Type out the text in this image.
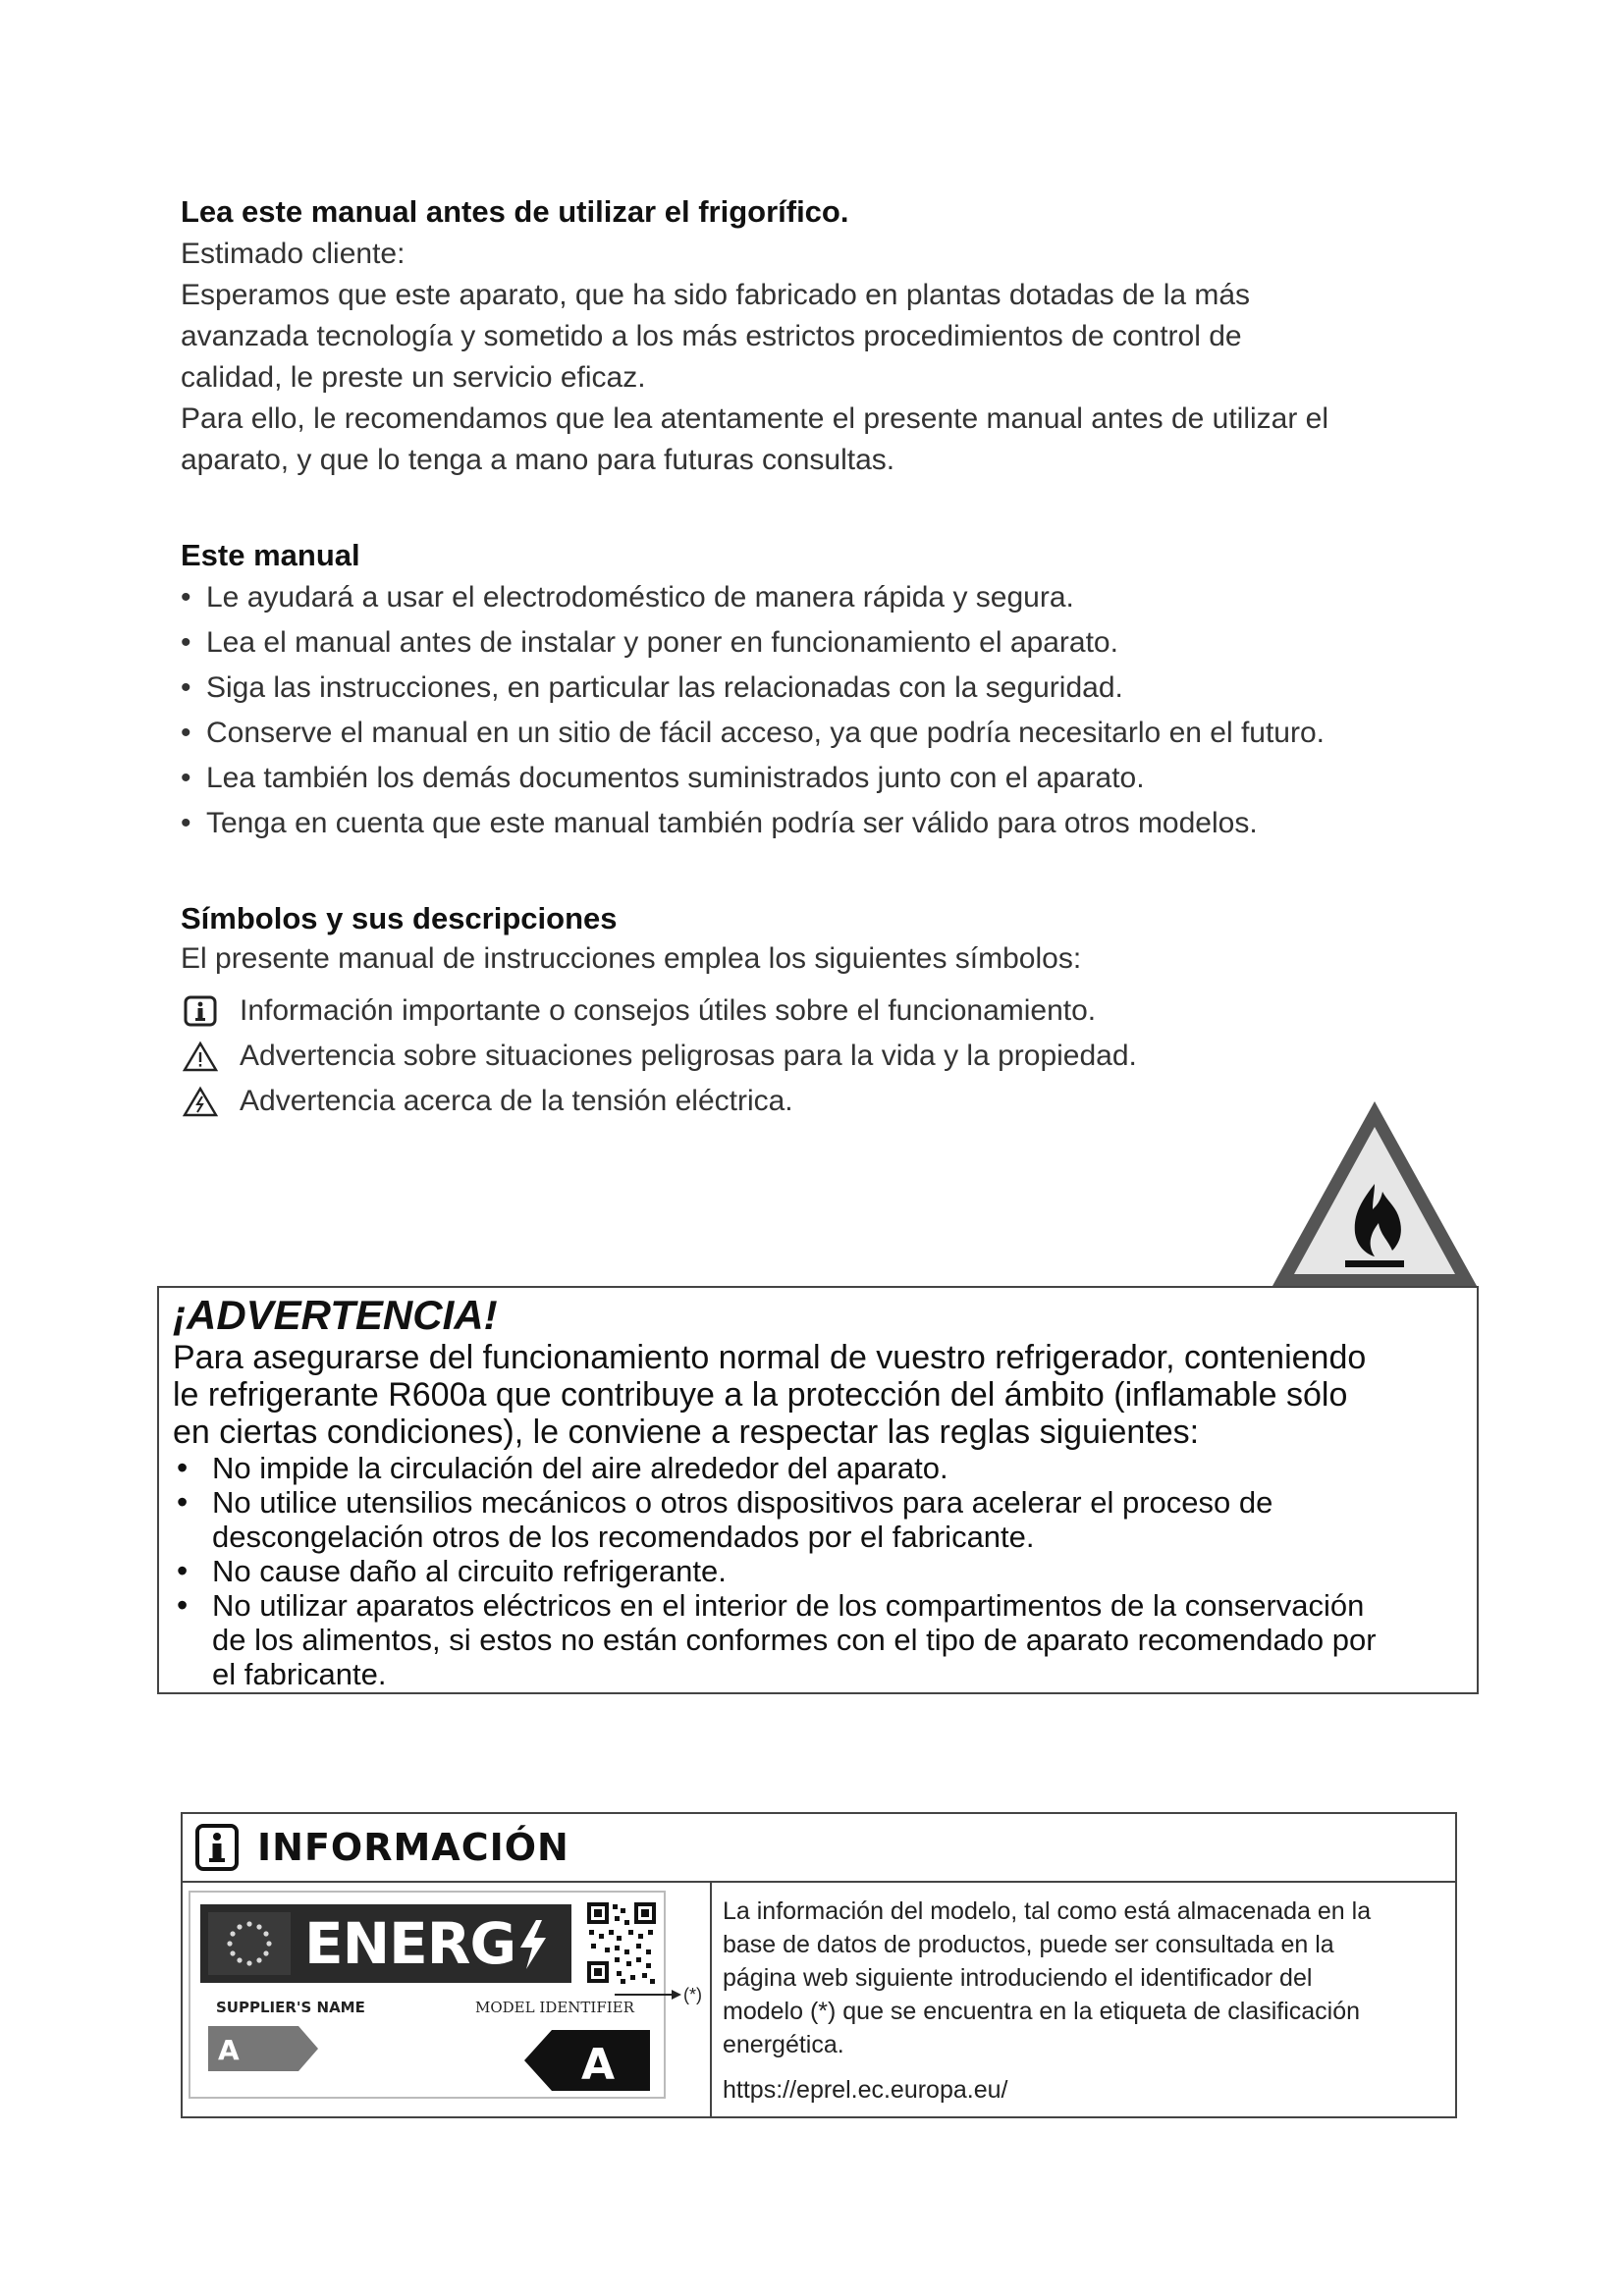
Lea este manual antes de utilizar el frigorífico.
Estimado cliente:
Esperamos que este aparato, que ha sido fabricado en plantas dotadas de la más
avanzada tecnología y sometido a los más estrictos procedimientos de control de
calidad, le preste un servicio eficaz.
Para ello, le recomendamos que lea atentamente el presente manual antes de utilizar el
aparato, y que lo tenga a mano para futuras consultas.
Este manual
• Le ayudará a usar el electrodoméstico de manera rápida y segura.
• Lea el manual antes de instalar y poner en funcionamiento el aparato.
• Siga las instrucciones, en particular las relacionadas con la seguridad.
• Conserve el manual en un sitio de fácil acceso, ya que podría necesitarlo en el futuro.
• Lea también los demás documentos suministrados junto con el aparato.
• Tenga en cuenta que este manual también podría ser válido para otros modelos.
Símbolos y sus descripciones
El presente manual de instrucciones emplea los siguientes símbolos:
Información importante o consejos útiles sobre el funcionamiento.
Advertencia sobre situaciones peligrosas para la vida y la propiedad.
Advertencia acerca de la tensión eléctrica.
¡ADVERTENCIA!
Para asegurarse del funcionamiento normal de vuestro refrigerador, conteniendo
le refrigerante R600a que contribuye a la protección del ámbito (inflamable sólo
en ciertas condiciones), le conviene a respectar las reglas siguientes:
• No impide la circulación del aire alrededor del aparato.
• No utilice utensilios mecánicos o otros dispositivos para acelerar el proceso de
descongelación otros de los recomendados por el fabricante.
• No cause daño al circuito refrigerante.
• No utilizar aparatos eléctricos en el interior de los compartimentos de la conservación
de los alimentos, si estos no están conformes con el tipo de aparato recomendado por
el fabricante.
INFORMACIÓN
ENERG
SUPPLIER'S NAME	MODEL IDENTIFIER
A	A
(*)
La información del modelo, tal como está almacenada en la
base de datos de productos, puede ser consultada en la
página web siguiente introduciendo el identificador del
modelo (*) que se encuentra en la etiqueta de clasificación
energética.
https://eprel.ec.europa.eu/
